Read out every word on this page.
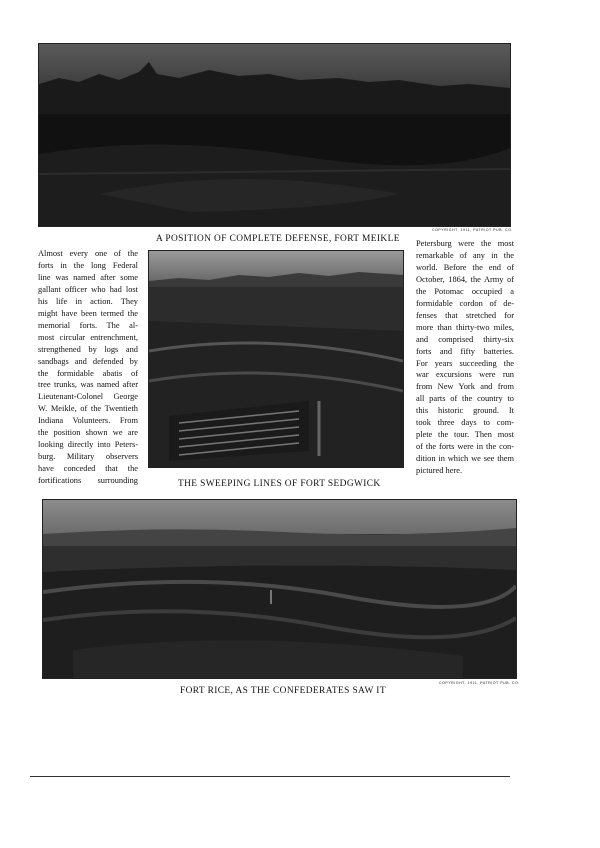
COPYRIGHT, 1911, PATRIOT PUB. CO.
A POSITION OF COMPLETE DEFENSE, FORT MEIKLE

Almost every one of the
forts in the long Federal
line was named after some
gallant officer who had lost
his life in action. They
might have been termed the
memorial forts. The al-
most circular entrenchment,
strengthened by logs and
sandbags and defended by
the formidable abatis of
tree trunks, was named after
Lieutenant-Colonel George
W. Meikle, of the Twentieth
Indiana Volunteers. From
the position shown we are
looking directly into Peters-
burg. Military observers
have conceded that the
fortifications surrounding	THE SWEEPING LINES OF FORT SEDGWICK

Petersburg were the most
remarkable of any in the
world. Before the end of
October, 1864, the Army of
the Potomac occupied a
formidable cordon of de-
fenses that stretched for
more than thirty-two miles,
and comprised thirty-six
forts and fifty batteries.
For years succeeding the
war excursions were run
from New York and from
all parts of the country to
this historic ground. It
took three days to com-
plete the tour. Then most
of the forts were in the con-
dition in which we see them
pictured here.

COPYRIGHT, 1911, PATRIOT PUB. CO.
FORT RICE, AS THE CONFEDERATES SAW IT
